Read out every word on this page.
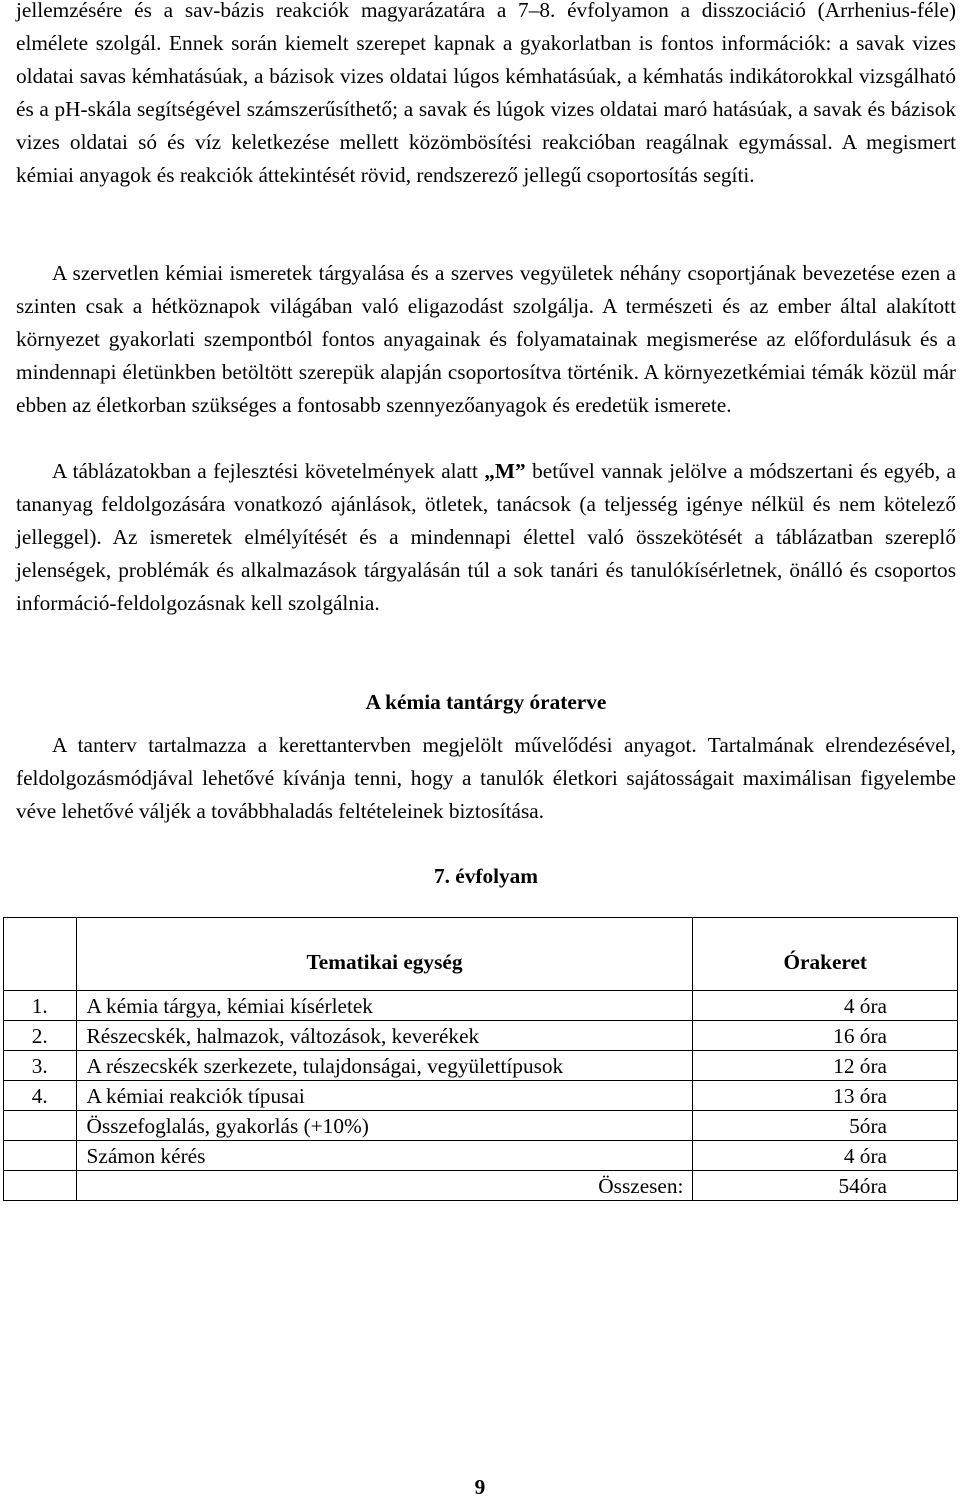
jellemzésére és a sav-bázis reakciók magyarázatára a 7–8. évfolyamon a disszociáció (Arrhenius-féle) elmélete szolgál. Ennek során kiemelt szerepet kapnak a gyakorlatban is fontos információk: a savak vizes oldatai savas kémhatásúak, a bázisok vizes oldatai lúgos kémhatásúak, a kémhatás indikátorokkal vizsgálható és a pH-skála segítségével számszerűsíthető; a savak és lúgok vizes oldatai maró hatásúak, a savak és bázisok vizes oldatai só és víz keletkezése mellett közömbösítési reakcióban reagálnak egymással. A megismert kémiai anyagok és reakciók áttekintését rövid, rendszerező jellegű csoportosítás segíti.

A szervetlen kémiai ismeretek tárgyalása és a szerves vegyületek néhány csoportjának bevezetése ezen a szinten csak a hétköznapok világában való eligazodást szolgálja. A természeti és az ember által alakított környezet gyakorlati szempontból fontos anyagainak és folyamatainak megismerése az előfordulásuk és a mindennapi életünkben betöltött szerepük alapján csoportosítva történik. A környezetkémiai témák közül már ebben az életkorban szükséges a fontosabb szennyezőanyagok és eredetük ismerete.

A táblázatokban a fejlesztési követelmények alatt „M” betűvel vannak jelölve a módszertani és egyéb, a tananyag feldolgozására vonatkozó ajánlások, ötletek, tanácsok (a teljesség igénye nélkül és nem kötelező jelleggel). Az ismeretek elmélyítését és a mindennapi élettel való összekötését a táblázatban szereplő jelenségek, problémák és alkalmazások tárgyalásán túl a sok tanári és tanulókísérletnek, önálló és csoportos információ-feldolgozásnak kell szolgálnia.

A kémia tantárgy óraterve

A tanterv tartalmazza a kerettantervben megjelölt művelődési anyagot. Tartalmának elrendezésével, feldolgozásmódjával lehetővé kívánja tenni, hogy a tanulók életkori sajátosságait maximálisan figyelembe véve lehetővé váljék a továbbhaladás feltételeinek biztosítása.

7. évfolyam
	Tematikai egység	Órakeret
1.	A kémia tárgya, kémiai kísérletek	4 óra
2.	Részecskék, halmazok, változások, keverékek	16 óra
3.	A részecskék szerkezete, tulajdonságai, vegyülettípusok	12 óra
4.	A kémiai reakciók típusai	13 óra
	Összefoglalás, gyakorlás (+10%)	5óra
	Számon kérés	4 óra
	Összesen:	54óra
9
